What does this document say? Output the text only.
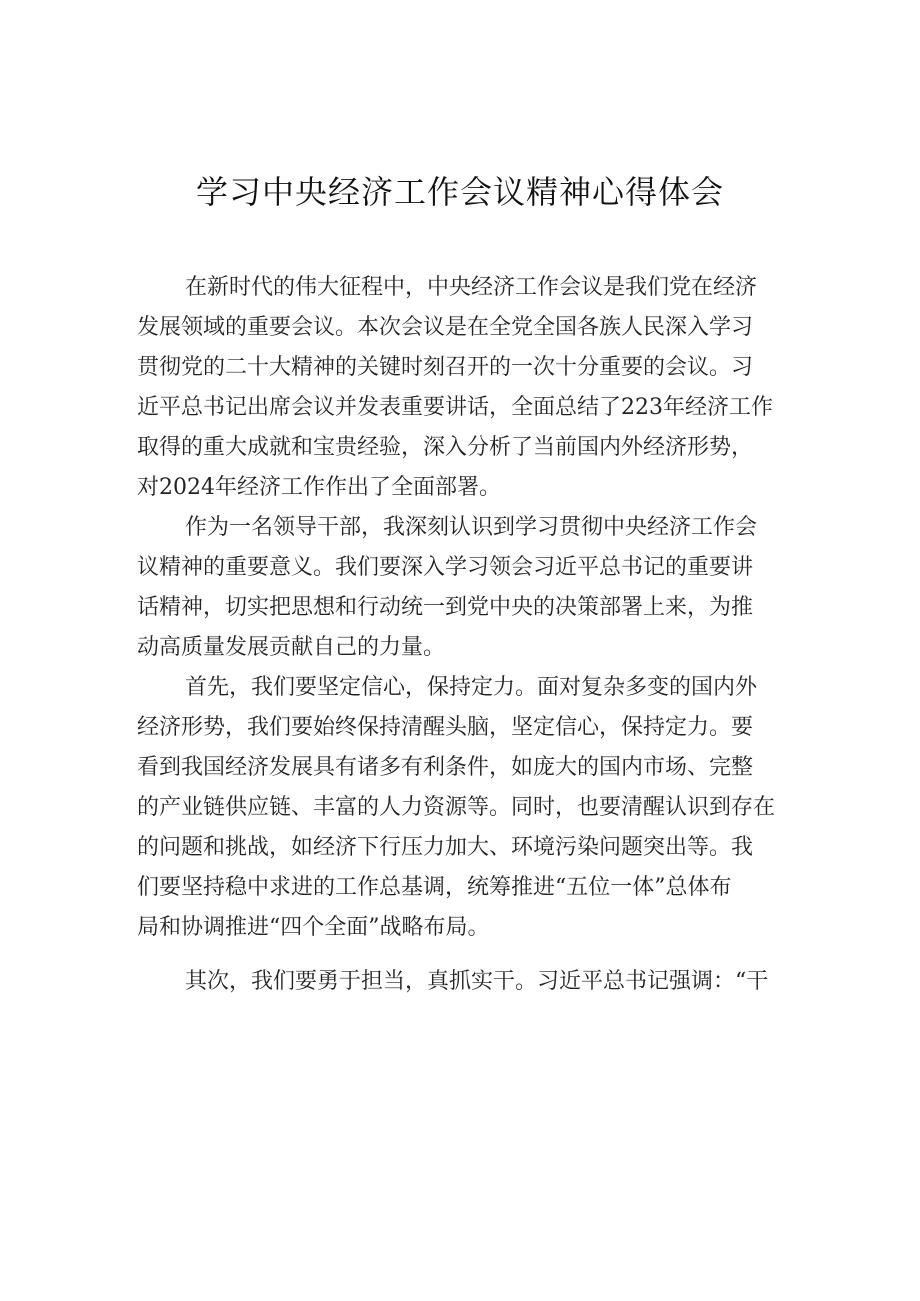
学习中央经济工作会议精神心得体会
在新时代的伟大征程中，中央经济工作会议是我们党在经济
发展领域的重要会议。本次会议是在全党全国各族人民深入学习
贯彻党的二十大精神的关键时刻召开的一次十分重要的会议。习
近平总书记出席会议并发表重要讲话，全面总结了223年经济工作
取得的重大成就和宝贵经验，深入分析了当前国内外经济形势，
对2024年经济工作作出了全面部署。
作为一名领导干部，我深刻认识到学习贯彻中央经济工作会
议精神的重要意义。我们要深入学习领会习近平总书记的重要讲
话精神，切实把思想和行动统一到党中央的决策部署上来，为推
动高质量发展贡献自己的力量。
首先，我们要坚定信心，保持定力。面对复杂多变的国内外
经济形势，我们要始终保持清醒头脑，坚定信心，保持定力。要
看到我国经济发展具有诸多有利条件，如庞大的国内市场、完整
的产业链供应链、丰富的人力资源等。同时，也要清醒认识到存在
的问题和挑战，如经济下行压力加大、环境污染问题突出等。我
们要坚持稳中求进的工作总基调，统筹推进“五位一体”总体布
局和协调推进“四个全面”战略布局。
其次，我们要勇于担当，真抓实干。习近平总书记强调：“干
